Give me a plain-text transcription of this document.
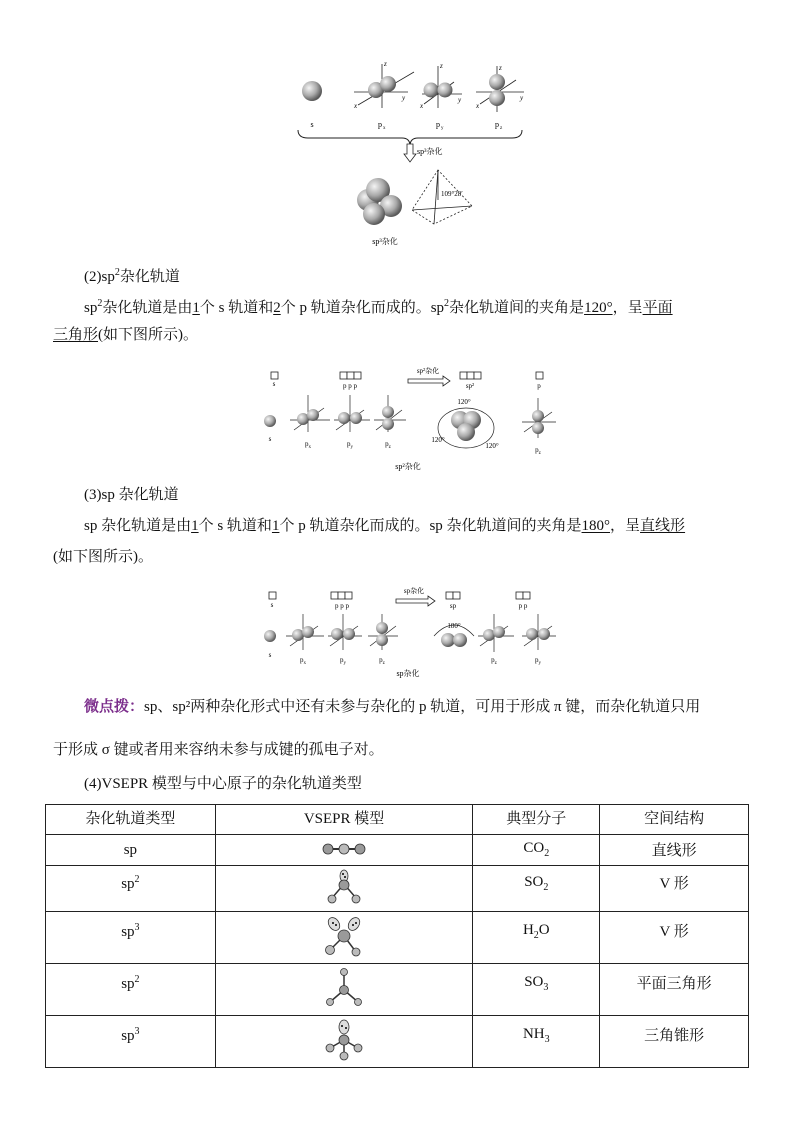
s
z
x
y
p x
z
x
y
p y
z
x
y
p z
sp³杂化
109°28′
sp³杂化
$(2)sp^2$杂化轨道
$sp^2$杂化轨道是由1个 s 轨道和2个 p 轨道杂化而成的。$sp^2$杂化轨道间的夹角是120°，呈平面
三角形(如下图所示)。
s	p p p
sp²杂化
sp²	p
s
$p_x$	$p_y$	$p_z$	$p_z$
120°
120°
120°
sp²杂化
(3)sp 杂化轨道
sp 杂化轨道是由1个 s 轨道和1个 p 轨道杂化而成的。sp 杂化轨道间的夹角是180°，呈直线形
(如下图所示)。
s	p p p
sp杂化
sp	p p
s
$p_x$	$p_y$	$p_z$	$p_z$	$p_y$
180°
sp杂化
微点拨：sp、sp²两种杂化形式中还有未参与杂化的 p 轨道，可用于形成 π 键，而杂化轨道只用
于形成 σ 键或者用来容纳未参与成键的孤电子对。
(4)VSEPR 模型与中心原子的杂化轨道类型
杂化轨道类型	VSEPR 模型	典型分子	空间结构
sp		$CO_2$	直线形
$sp^2$		$SO_2$	V 形
$sp^3$		$H_2O$	V 形
$sp^2$		$SO_3$	平面三角形
$sp^3$		$NH_3$	三角锥形
